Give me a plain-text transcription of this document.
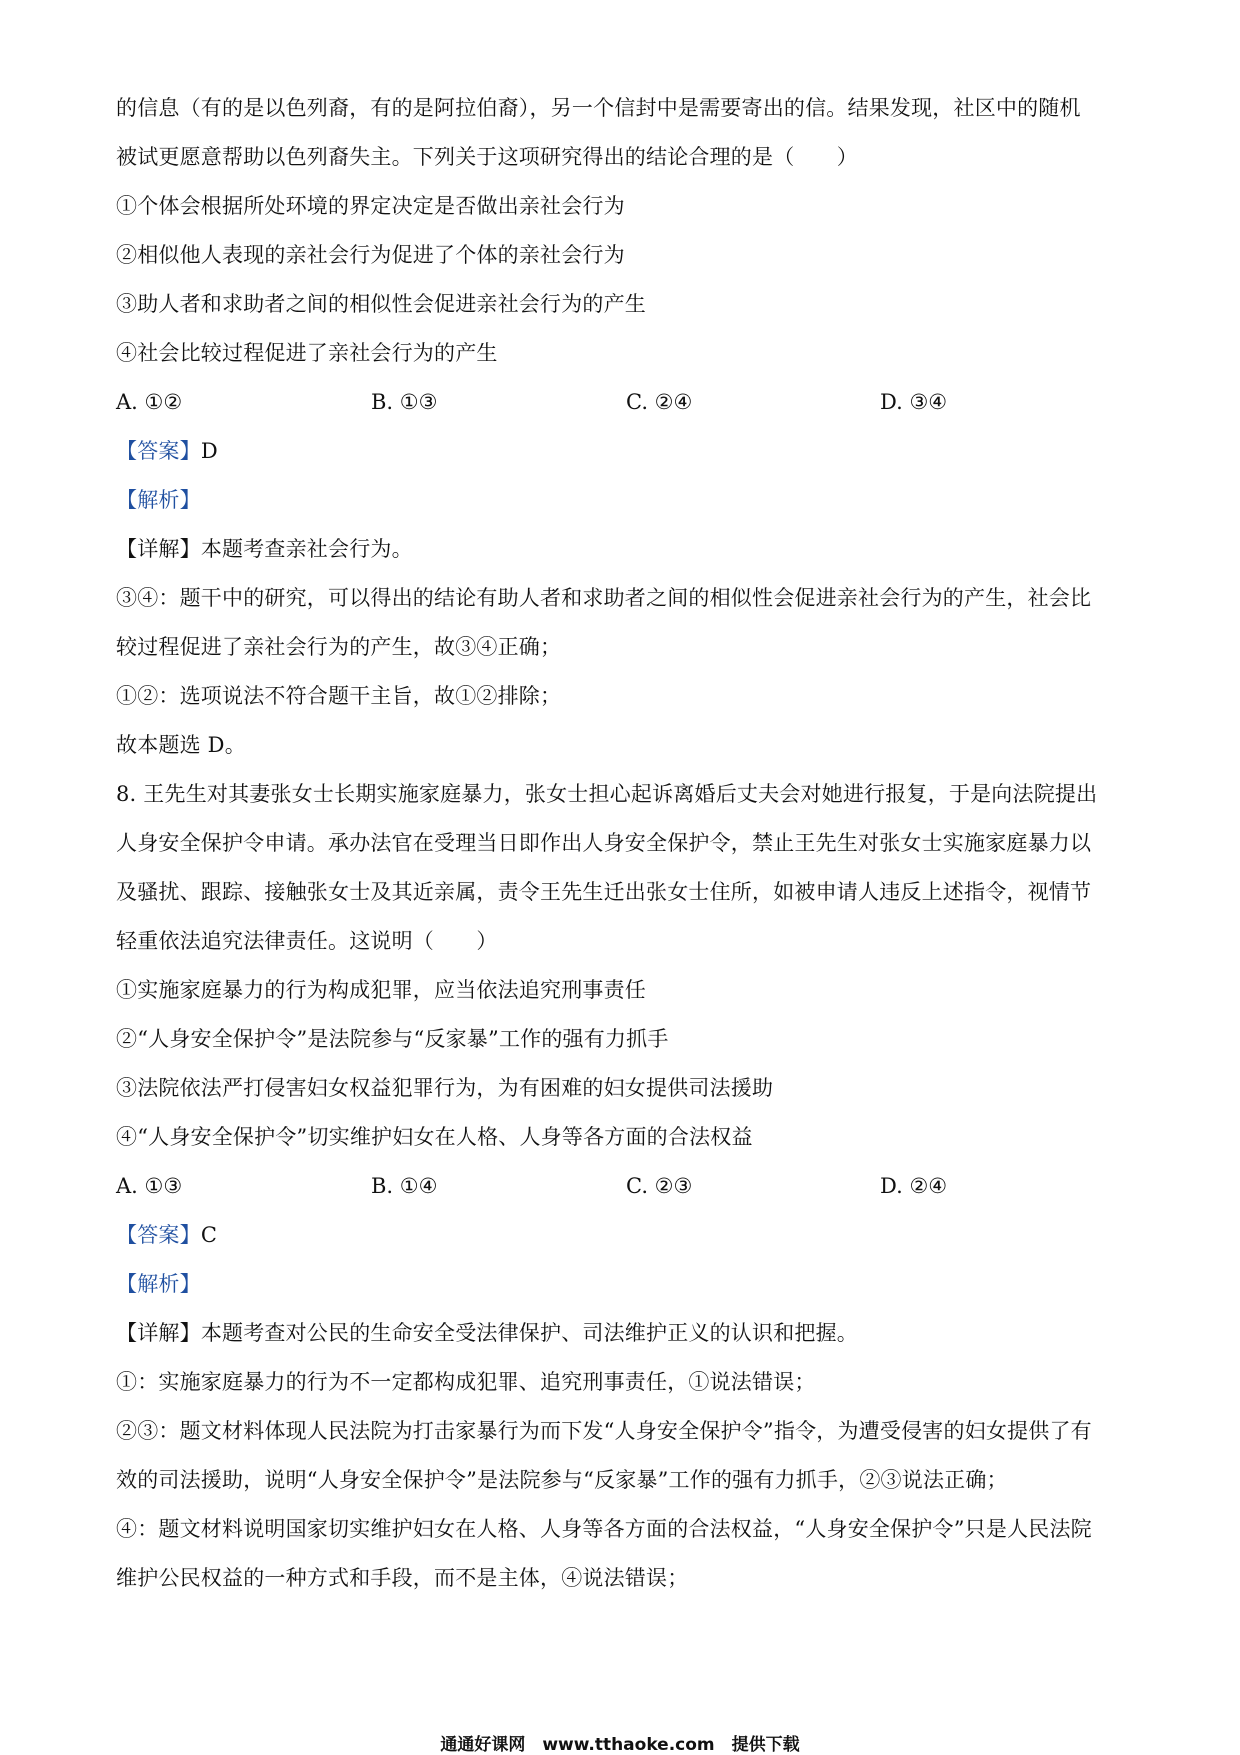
的信息（有的是以色列裔，有的是阿拉伯裔），另一个信封中是需要寄出的信。结果发现，社区中的随机
被试更愿意帮助以色列裔失主。下列关于这项研究得出的结论合理的是（　　）
①个体会根据所处环境的界定决定是否做出亲社会行为
②相似他人表现的亲社会行为促进了个体的亲社会行为
③助人者和求助者之间的相似性会促进亲社会行为的产生
④社会比较过程促进了亲社会行为的产生
A. ①②	B. ①③	C. ②④	D. ③④
【答案】D
【解析】
【详解】本题考查亲社会行为。
③④：题干中的研究，可以得出的结论有助人者和求助者之间的相似性会促进亲社会行为的产生，社会比
较过程促进了亲社会行为的产生，故③④正确；
①②：选项说法不符合题干主旨，故①②排除；
故本题选 D。
8. 王先生对其妻张女士长期实施家庭暴力，张女士担心起诉离婚后丈夫会对她进行报复，于是向法院提出
人身安全保护令申请。承办法官在受理当日即作出人身安全保护令，禁止王先生对张女士实施家庭暴力以
及骚扰、跟踪、接触张女士及其近亲属，责令王先生迁出张女士住所，如被申请人违反上述指令，视情节
轻重依法追究法律责任。这说明（　　）
①实施家庭暴力的行为构成犯罪，应当依法追究刑事责任
②“人身安全保护令”是法院参与“反家暴”工作的强有力抓手
③法院依法严打侵害妇女权益犯罪行为，为有困难的妇女提供司法援助
④“人身安全保护令”切实维护妇女在人格、人身等各方面的合法权益
A. ①③	B. ①④	C. ②③	D. ②④
【答案】C
【解析】
【详解】本题考查对公民的生命安全受法律保护、司法维护正义的认识和把握。
①：实施家庭暴力的行为不一定都构成犯罪、追究刑事责任，①说法错误；
②③：题文材料体现人民法院为打击家暴行为而下发“人身安全保护令”指令，为遭受侵害的妇女提供了有
效的司法援助，说明“人身安全保护令”是法院参与“反家暴”工作的强有力抓手，②③说法正确；
④：题文材料说明国家切实维护妇女在人格、人身等各方面的合法权益，“人身安全保护令”只是人民法院
维护公民权益的一种方式和手段，而不是主体，④说法错误；
通通好课网　www.tthaoke.com　提供下载
